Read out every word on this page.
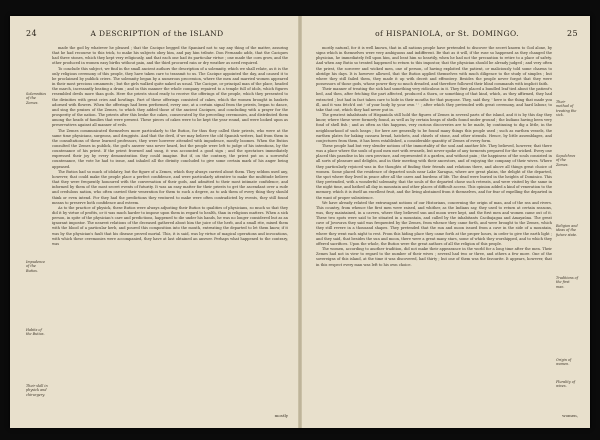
24	A DESCRIPTION of the ISLAND
Solemnities of the Zemes.
Impudence of the Butios.
Habits of the Butios.
Their skill in physick and chirurgery.

made the god by whatever he pleased ; that the Cacique begged the Spaniard not to say any thing of the matter, assuring that he had recourse to this trick, to make his subjects obey him, and pay him tribute. Don Fernando adds, that the Caciques had three stones, which they kept very religiously, and that each one had its particular virtue ; one made the corn grow, and the other produced in women easy births without pain, and the third procured rain or dry weather as need required.

To conclude this subject, we find in the small ancient authors the description of a solemnity, which we shall relate, as it is the only religious ceremony of this people, they have taken care to transmit to us. The Cacique appointed the day, and caused it to be proclaimed by publick criers. The solemnity began by a numerous procession, where the men and married women appeared in their most precious ornaments ; but the girls walked quite naked as usual. The Cacique, or principal man of the place, headed the march, incessantly beating a drum ; and in this manner the whole company repaired to a temple full of idols, which figures resembled devils more than gods. Here the priests stood ready to receive the offerings of the people, which they presented to the divinities with great cries and howlings. Part of these offerings consisted of cakes, which the women brought in baskets adorned with flowers. When the offerings had been performed, every one, at a certain signal from the priests, began to dance, and sing the praises of the Zemes, to which they added those of the ancient Caciques, and concluding with a prayer for the prosperity of the nation. The priests after this broke the cakes, consecrated by the preceding ceremonies, and distributed them among the heads of families that were present. These pieces of cakes were to be kept the year round, and were looked upon as preservatives against all manner of evils.

The Zemes communicated themselves more particularly to the Butios, for thus they called their priests, who were at the same time physicians, surgeons, and druggists. And that the devil, if we may believe the old Spanish writers, had from them in the consultations of these learned professors, they were however attended with impudence, mostly boomes. When the Butios consulted the Zemes in publick, the god's answer was never heard, but the people were left to judge of his intentions, by the countenance of his priest. If the priest frowned and sung, it was accounted a good sign ; and the spectators immediately expressed their joy by every demonstration they could imagine. But if, on the contrary, the priest put on a sorrowful countenance, the vote he had to issue, and inhaled all the divinity concluded to give some certain mark of his anger being appeased.

The Butios had so much of idolatry, but the figure of a Zemes, which they always carried about them. They seldom used any, however, that could make the people place a perfect confidence, and were particularly attentive to make the multitude believe that they were frequently honoured with the conversation of their gods, and admitted to their most intimate confidence, and informed by them of the most secret events of futurity. It was an easy matter for their priests to get the ascendant over a rude and credulous nation, who often carried their veneration for them to such a degree, as to ask them of every thing they should think or even intend. For they had the predictions they ventured to make were often contradicted by events, they still found means to preserve both confidence and esteem.

As to the practice of physick, these Butios were always adjusting their Butios to qualities of physicians, so much so that they did it by virtue of profits, or it was much harder to impose upon them in regard to health, than in religious matters. When a sick person, in spite of the physician's care and predictions, happened to die under his hands, he was no longer considered but as an ignorant impostor. The nearest relations of the deceased gathered about him the juice of the herb, and a small rite, mixed them with the blood of a particular herb, and poured this composition into the mouth, entreating the departed to let them know, if it was by the physician's fault that his disease proved mortal. This, it is said, was by virtue of magical operations and invocations, with which these ceremonies were accompanied, they have at last obtained an answer. Perhaps what happened to the contrary, was

mostly
of HISPANIOLA, or St. DOMINGO.	25
Their method of treating the sick.
Sepulchres of the Zemes.
Religion and ideas of the future state.
Traditions of the first man.
Origin of women.
Plurality of wives.

mostly natural, for it is well known, that in all nations people have pretended to discover the secret known to God alone, by signs which in themselves were very ambiguous and indifferent. Be that as it will, if the ruse so happened as they changed the physician, he immediately fell upon him, and beat him so heartily, when he had not the precaution to retire to a place of safety. And when any Butio so treated happened to return to this impostor, that the physician should be already judged ; and very often the priest, the sorcerer and wicked men, one of person, of having exploited the patient, or maliciously told some charms to abridge his days. It is however allowed, that the Butios applied themselves with much diligence to the study of simples ; but where they still failed them, they made it up with deceit and effrontery. Besides the people never forgot that they were possessors of those gods, whose power they so much dreaded, and therefore followed their blind commands with implicit faith.

Their manner of treating the sick had something very ridiculous in it. They first placed a bundled leaf tied about the patient's bed, and then, after fetching the part affected, produced a thorn, or something of that kind, which, as they affirmed, they had extracted ; but had in fact taken care to hide in their mouths for that purpose. They, said they, ' here is the thing that made you ill, and it was fetch'd out ' of your body by your own ' ' ; after which they pretended with great ceremony, and hard labour, to take that out, which they had never put in.

The greatest inhabitants of Hispaniola still hold the figures of Zemes in several parts of the island, and it is by this day they know, where these were formerly found, as well as by certain heaps of shells found under ground ; the Indians having been very fond of shell fish ; and as often as this happens, very curious discoveries are to be made, by continuing to dig a little, in the neighbourhood of such heaps ; for here are generally to be found many things this people used ; such as earthen vessels, the earthen plates for baking cassava bread, hatchets, and chisels of stone, and other utensils. Hence, by little assemblages, and conjectures from them, it has been established, a considerable quantity of Zemes of every form.

These people had but very slender notions of the immortality of the soul and another life. They believed, however, that there was a place where the souls of good men met with rewards, but never spoke of any torments prepared for the wicked. Every one placed this paradise in his own province, and represented it a garden, and without pain ; the happiness of the souls consisted in all sorts of pleasure and delights, and in their meeting with their ancestors, and of enjoying the company of their wives. Where they particularly rejoiced was in the thoughts of finding their friends and relations there, and above all things great choice of women. Some placed the residence of departed souls near Lake Xaragua, where are great plains, the delight of the departed, the spot where they lived in peace after all the cares and burdens of life. The dead were buried in the heights of Dominico. This they pretended, with a wonderful solemnity, that the souls of the departed chose such retreats, and were visited by the same in the night time, and bathed all day in mountain and other places of difficult access. This opinion added a kind of veneration to the memory, which it is itself an excellent fruit, and the living abstained from it themselves, and for fear of expelling the departed in the want of proper subsistence.

We have already related the extravagant notions of our Historians, concerning the origin of man, and of the sea and rivers. This country, from whence the first men were raised, and whither, as the Indians say, they used to return at certain seasons, was, they maintained, in a cavern, where they believed sun and moon were kept, and the first men and women came out of it. These two spots were said to be situated in a mountain, and called by the inhabitants Cacibajagua and Amayaúna. The great cave of Jovovava they said was frequented by the Zemes, from whence they came forth, and were brought to the Zemes, which they still revere in a thousand shapes. They pretended that the sun and moon issued from a cave in the side of a mountain, where they went each night to rest. From this hiding place they came forth at the proper hours, in order to give the earth light ; and they said, that besides the sun and moon, there were a great many stars, some of which they worshipped, and to which they offered sacrifices. Upon the whole, the Butios were the great authors of all the religion of this people.

The women, according to another tradition, did not make their appearance in the world for a long time after the men. Their Zemes had not in view to regard to the number of their wives ; several had two or three, and others a few more. One of the sovereigns of this island, at the time it was discovered, had thirty ; but one of them was the favourite. It appears, however, that in this respect every man was left to his own choice.

women,
